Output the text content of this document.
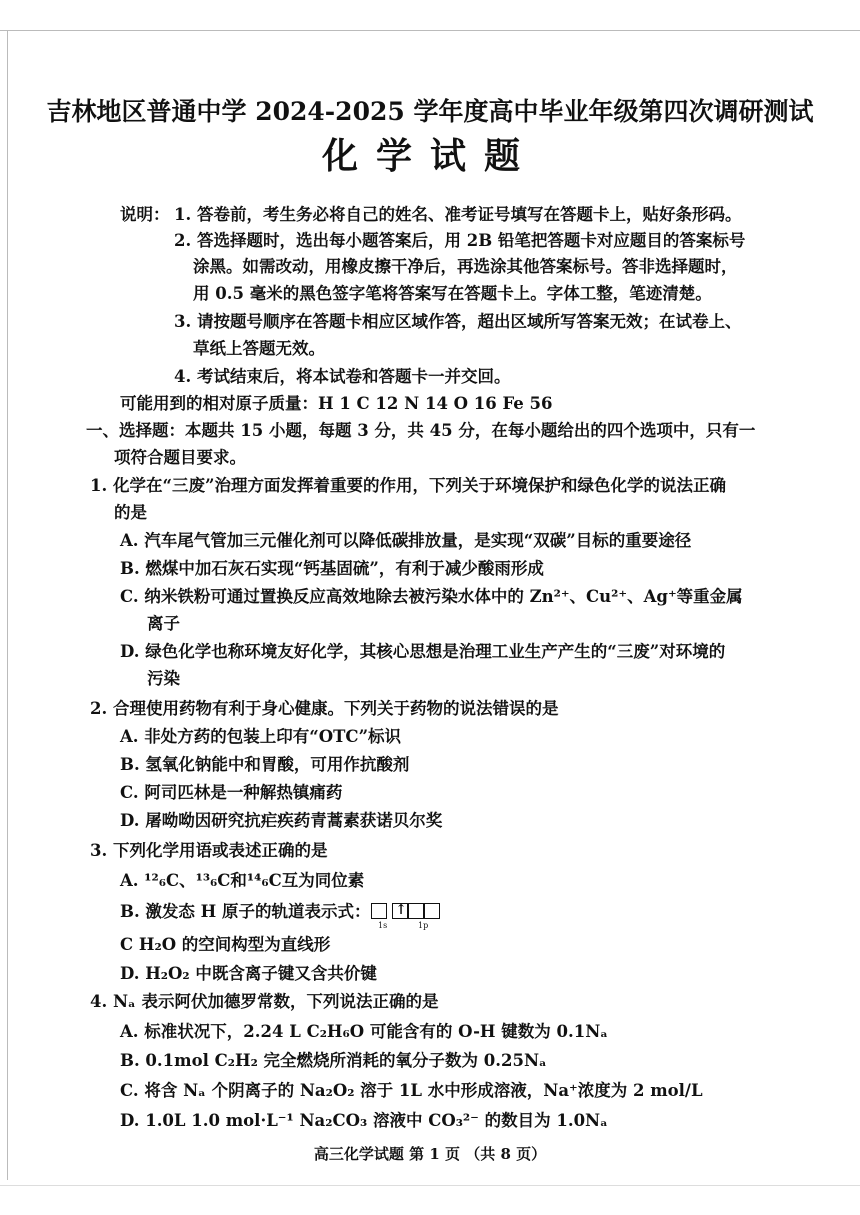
吉林地区普通中学 2024-2025 学年度高中毕业年级第四次调研测试
化学试题
说明： 1. 答卷前，考生务必将自己的姓名、准考证号填写在答题卡上，贴好条形码。
2. 答选择题时，选出每小题答案后，用 2B 铅笔把答题卡对应题目的答案标号
涂黑。如需改动，用橡皮擦干净后，再选涂其他答案标号。答非选择题时，
用 0.5 毫米的黑色签字笔将答案写在答题卡上。字体工整，笔迹清楚。
3. 请按题号顺序在答题卡相应区域作答，超出区域所写答案无效；在试卷上、
草纸上答题无效。
4. 考试结束后，将本试卷和答题卡一并交回。
可能用到的相对原子质量：H 1 C 12 N 14 O 16 Fe 56
一、选择题：本题共 15 小题，每题 3 分，共 45 分，在每小题给出的四个选项中，只有一
项符合题目要求。
1. 化学在“三废”治理方面发挥着重要的作用，下列关于环境保护和绿色化学的说法正确
的是
A. 汽车尾气管加三元催化剂可以降低碳排放量，是实现“双碳”目标的重要途径
B. 燃煤中加石灰石实现“钙基固硫”，有利于减少酸雨形成
C. 纳米铁粉可通过置换反应高效地除去被污染水体中的 Zn²⁺、Cu²⁺、Ag⁺等重金属
离子
D. 绿色化学也称环境友好化学，其核心思想是治理工业生产产生的“三废”对环境的
污染
2. 合理使用药物有利于身心健康。下列关于药物的说法错误的是
A. 非处方药的包装上印有“OTC”标识
B. 氢氧化钠能中和胃酸，可用作抗酸剂
C. 阿司匹林是一种解热镇痛药
D. 屠呦呦因研究抗疟疾药青蒿素获诺贝尔奖
3. 下列化学用语或表述正确的是
A. ¹²₆C、¹³₆C和¹⁴₆C互为同位素
B. 激发态 H 原子的轨道表示式： ↑
1s	1p
C H₂O 的空间构型为直线形
D. H₂O₂ 中既含离子键又含共价键
4. Nₐ 表示阿伏加德罗常数，下列说法正确的是
A. 标准状况下，2.24 L C₂H₆O 可能含有的 O-H 键数为 0.1Nₐ
B. 0.1mol C₂H₂ 完全燃烧所消耗的氧分子数为 0.25Nₐ
C. 将含 Nₐ 个阴离子的 Na₂O₂ 溶于 1L 水中形成溶液，Na⁺浓度为 2 mol/L
D. 1.0L 1.0 mol·L⁻¹ Na₂CO₃ 溶液中 CO₃²⁻ 的数目为 1.0Nₐ
高三化学试题 第 1 页 （共 8 页）
